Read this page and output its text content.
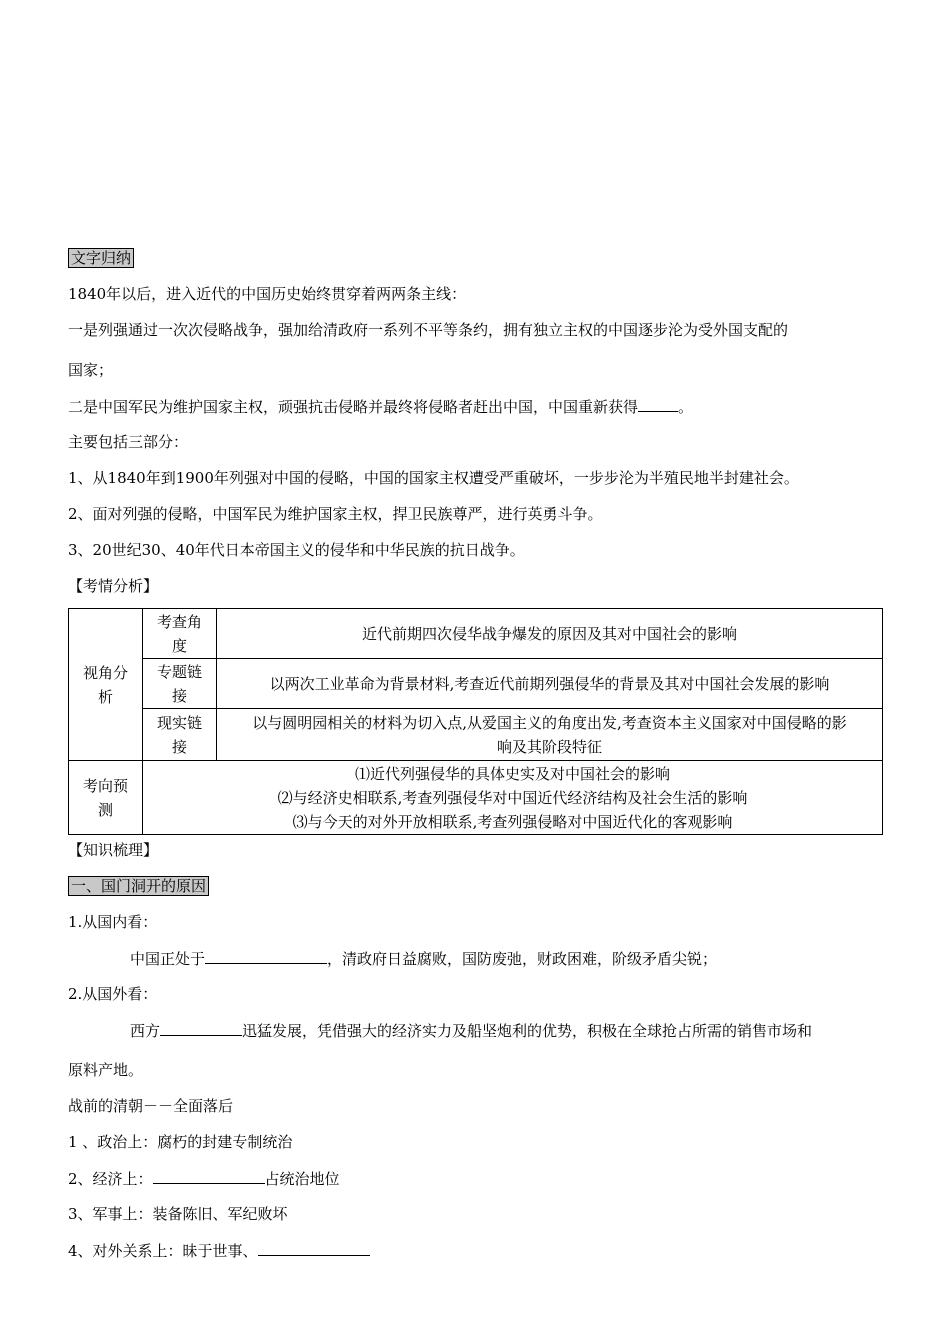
文字归纳
1840年以后，进入近代的中国历史始终贯穿着两两条主线：
一是列强通过一次次侵略战争，强加给清政府一系列不平等条约，拥有独立主权的中国逐步沦为受外国支配的
国家；
二是中国军民为维护国家主权，顽强抗击侵略并最终将侵略者赶出中国，中国重新获得	。
主要包括三部分：
1、从1840年到1900年列强对中国的侵略，中国的国家主权遭受严重破坏，一步步沦为半殖民地半封建社会。
2、面对列强的侵略，中国军民为维护国家主权，捍卫民族尊严，进行英勇斗争。
3、20世纪30、40年代日本帝国主义的侵华和中华民族的抗日战争。
【考情分析】
视角分析	考查角度	近代前期四次侵华战争爆发的原因及其对中国社会的影响

	专题链接	以两次工业革命为背景材料,考查近代前期列强侵华的背景及其对中国社会发展的影响

	现实链接	以与圆明园相关的材料为切入点,从爱国主义的角度出发,考查资本主义国家对中国侵略的影响及其阶段特征

考向预测	⑴近代列强侵华的具体史实及对中国社会的影响
⑵与经济史相联系,考查列强侵华对中国近代经济结构及社会生活的影响
⑶与今天的对外开放相联系,考查列强侵略对中国近代化的客观影响	
【知识梳理】
一、国门洞开的原因
1.从国内看：
中国正处于	，清政府日益腐败，国防废弛，财政困难，阶级矛盾尖锐；
2.从国外看：
西方	迅猛发展，凭借强大的经济实力及船坚炮利的优势，积极在全球抢占所需的销售市场和
原料产地。
战前的清朝－－全面落后
1 、政治上：腐朽的封建专制统治
2、经济上：	占统治地位
3、军事上：装备陈旧、军纪败坏
4、对外关系上：昧于世事、
